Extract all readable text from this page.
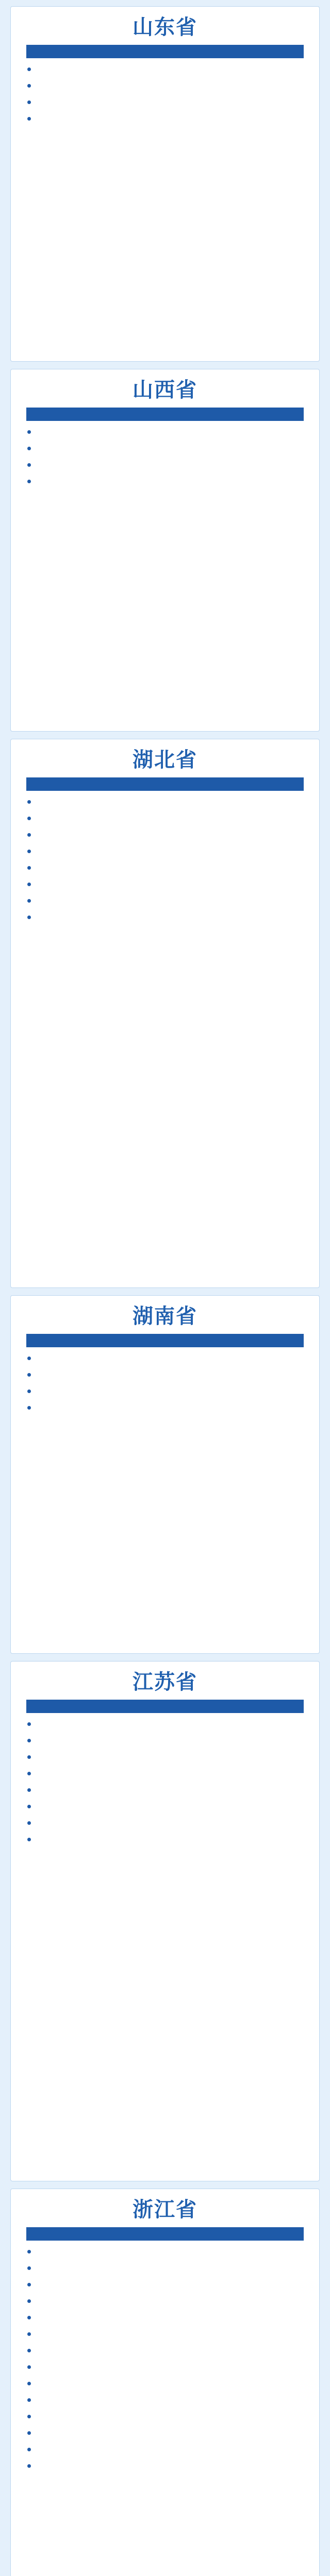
山东省
山西省
湖北省
湖南省
江苏省
浙江省
